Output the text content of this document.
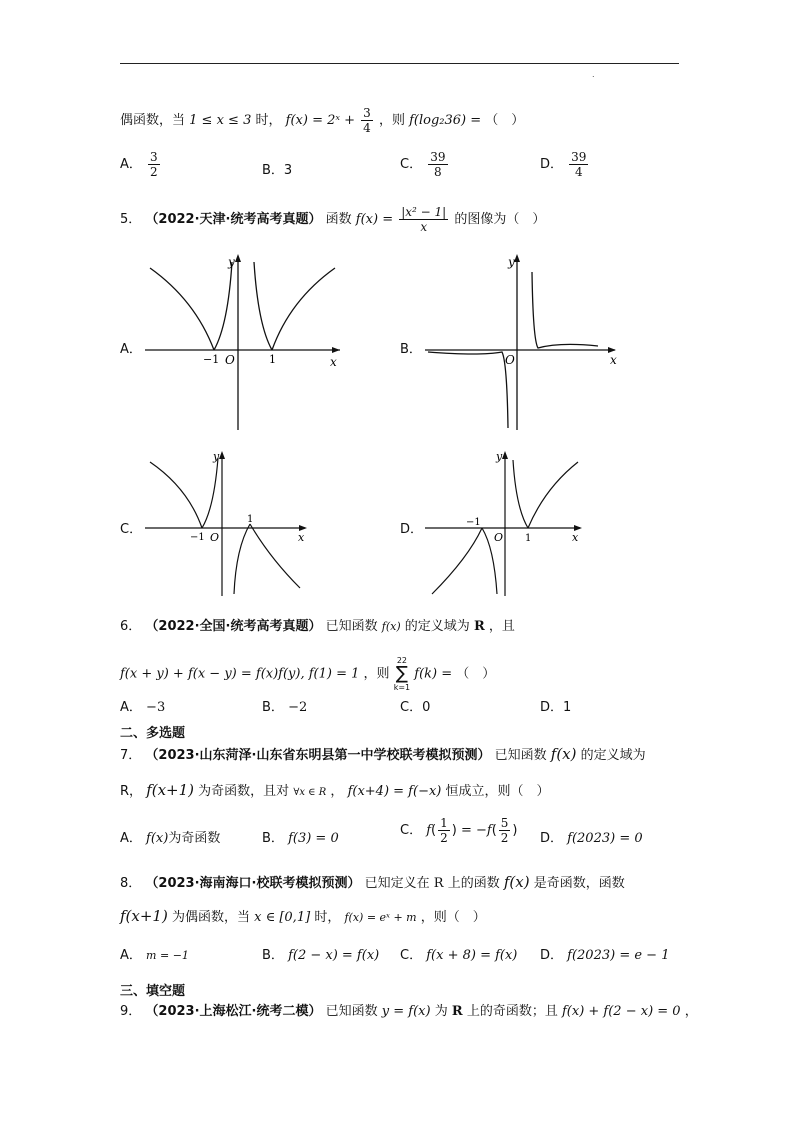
.
偶函数，当 1 ≤ x ≤ 3 时， f(x) = 2ˣ + $\frac{3}{4}$ ，则 f(log₂36) = （　）
A． $\frac{3}{2}$	B．3	C． $\frac{39}{8}$	D． $\frac{39}{4}$
5． （2022·天津·统考高考真题） 函数 $f(x) = \frac{\text{|x² − 1|}}{x}$ 的图像为（　）
A．
y
x
O
−1	1
B．
y
x
O
C．
y
x
O
−1
1
D．
y
x
O
−1
1
6． （2022·全国·统考高考真题） 已知函数 f(x) 的定义域为 R ，且
f(x + y) + f(x − y) = f(x)f(y), f(1) = 1 ，则
22
∑
k=1
f(k) = （　）
A． −3	B． −2	C．0	D．1
二、多选题
7． （2023·山东菏泽·山东省东明县第一中学校联考模拟预测） 已知函数 f(x) 的定义域为
R， f(x+1) 为奇函数，且对 ∀x ∈ R ， f(x+4) = f(−x) 恒成立，则（　）
A． f(x)为奇函数	B． f(3) = 0
C． $f( \frac{1}{2}$ ) = $-f( \frac{5}{2}$ )
D． f(2023) = 0
8． （2023·海南海口·校联考模拟预测） 已知定义在 R 上的函数 f(x) 是奇函数，函数
f(x+1) 为偶函数，当 x ∈ [0,1] 时， f(x) = eˣ + m ，则（　）
A． m = −1	B． f(2 − x) = f(x) C． f(x + 8) = f(x) D． f(2023) = e − 1
三、填空题
9． （2023·上海松江·统考二模） 已知函数 y = f(x) 为 R 上的奇函数；且 f(x) + f(2 − x) = 0 ，
